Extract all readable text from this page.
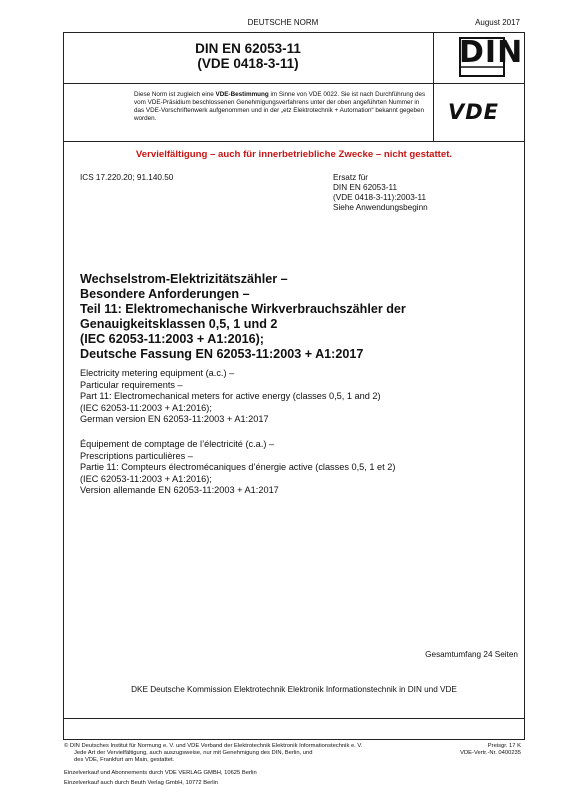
DEUTSCHE NORM	August 2017
DIN EN 62053-11
(VDE 0418-3-11)	DIN
Diese Norm ist zugleich eine VDE-Bestimmung im Sinne von VDE 0022. Sie ist nach Durchführung des vom VDE-Präsidium beschlossenen Genehmigungsverfahrens unter der oben angeführten Nummer in das VDE-Vorschriftenwerk aufgenommen und in der „etz Elektrotechnik + Automation“ bekannt gegeben worden.	VDE
Vervielfältigung – auch für innerbetriebliche Zwecke – nicht gestattet.
ICS 17.220.20; 91.140.50	Ersatz für
DIN EN 62053-11
(VDE 0418-3-11):2003-11
Siehe Anwendungsbeginn
Wechselstrom-Elektrizitätszähler –
Besondere Anforderungen –
Teil 11: Elektromechanische Wirkverbrauchszähler der
Genauigkeitsklassen 0,5, 1 und 2
(IEC 62053-11:2003 + A1:2016);
Deutsche Fassung EN 62053-11:2003 + A1:2017
Electricity metering equipment (a.c.) –
Particular requirements –
Part 11: Electromechanical meters for active energy (classes 0,5, 1 and 2)
(IEC 62053-11:2003 + A1:2016);
German version EN 62053-11:2003 + A1:2017
Équipement de comptage de l’électricité (c.a.) –
Prescriptions particulières –
Partie 11: Compteurs électromécaniques d’énergie active (classes 0,5, 1 et 2)
(IEC 62053-11:2003 + A1:2016);
Version allemande EN 62053-11:2003 + A1:2017
Gesamtumfang 24 Seiten
DKE Deutsche Kommission Elektrotechnik Elektronik Informationstechnik in DIN und VDE
© DIN Deutsches Institut für Normung e. V. und VDE Verband der Elektrotechnik Elektronik Informationstechnik e. V.
Jede Art der Vervielfältigung, auch auszugsweise, nur mit Genehmigung des DIN, Berlin, und
des VDE, Frankfurt am Main, gestattet.
Preisgr. 17 K
VDE-Vertr.-Nr. 0400235
Einzelverkauf und Abonnements durch VDE VERLAG GMBH, 10625 Berlin
Einzelverkauf auch durch Beuth Verlag GmbH, 10772 Berlin
